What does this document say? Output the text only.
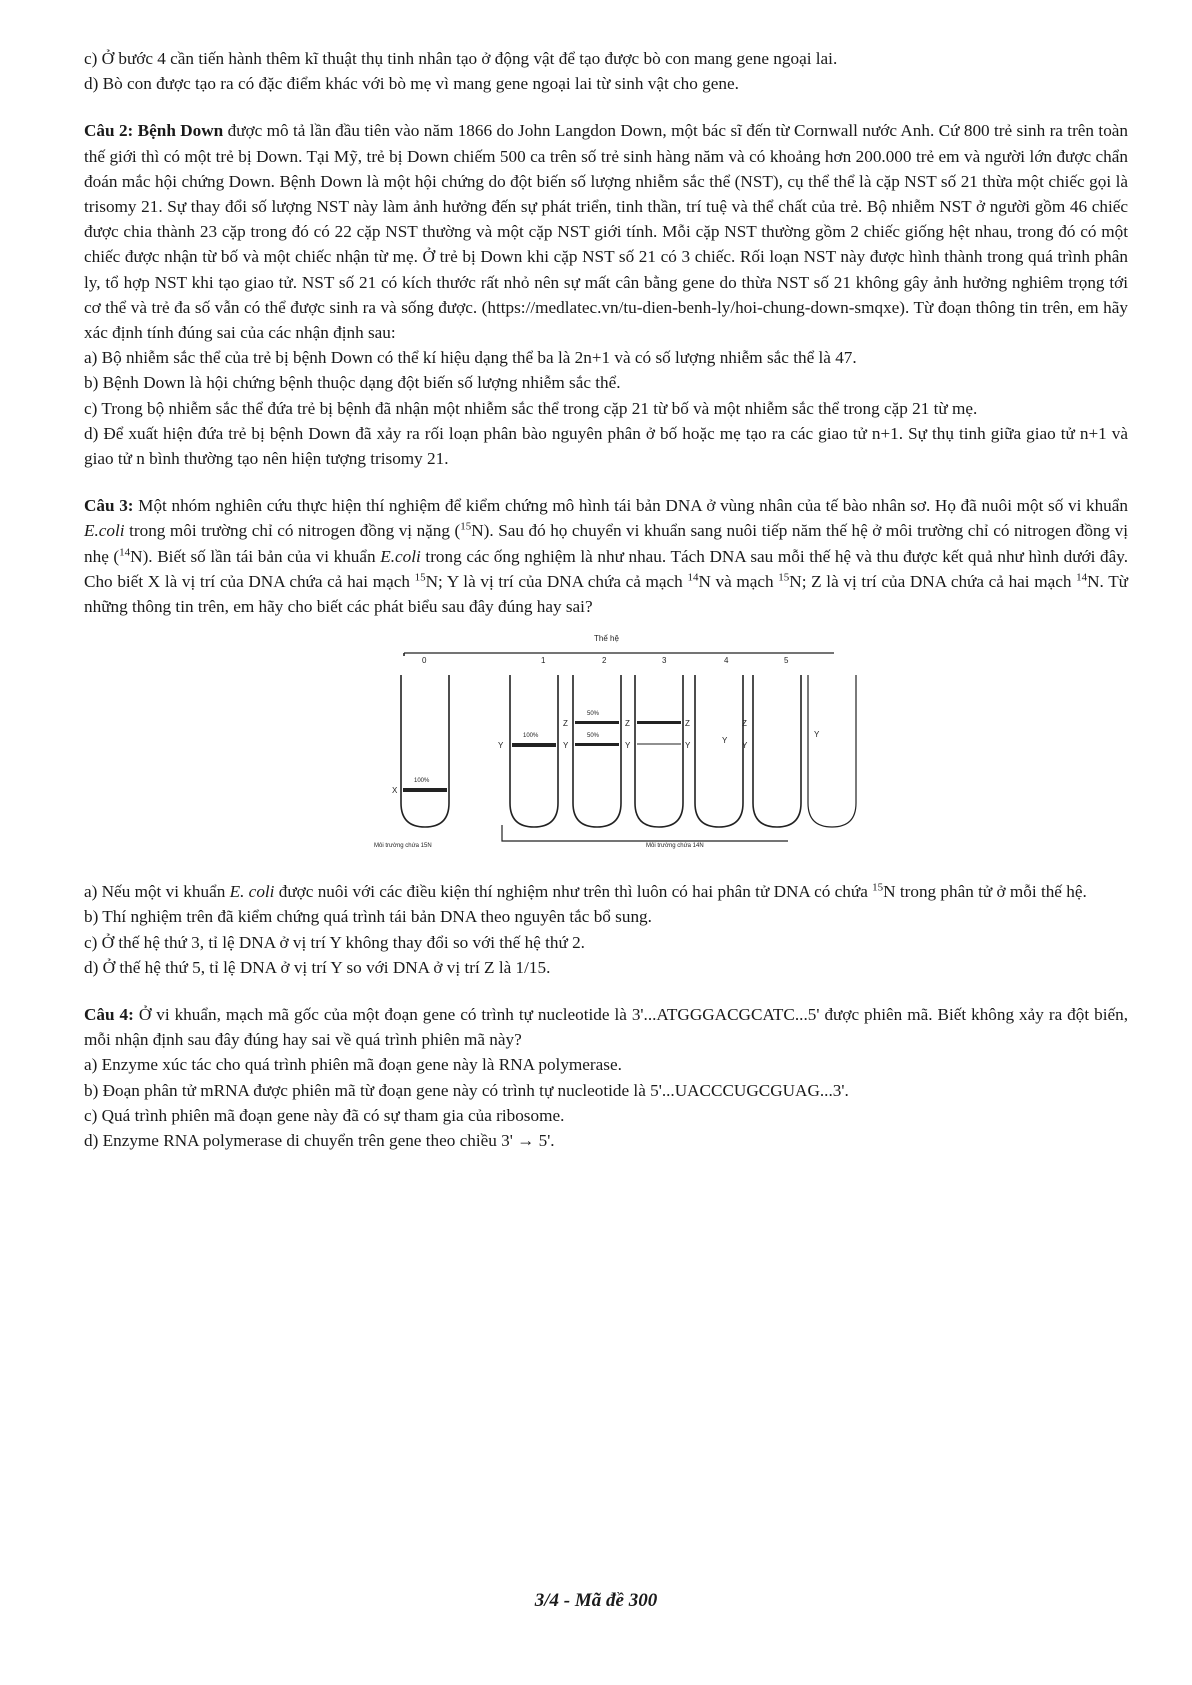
c) Ở bước 4 cần tiến hành thêm kĩ thuật thụ tinh nhân tạo ở động vật để tạo được bò con mang gene ngoại lai.

d) Bò con được tạo ra có đặc điểm khác với bò mẹ vì mang gene ngoại lai từ sinh vật cho gene.

Câu 2: Bệnh Down được mô tả lần đầu tiên vào năm 1866 do John Langdon Down, một bác sĩ đến từ Cornwall nước Anh. Cứ 800 trẻ sinh ra trên toàn thế giới thì có một trẻ bị Down. Tại Mỹ, trẻ bị Down chiếm 500 ca trên số trẻ sinh hàng năm và có khoảng hơn 200.000 trẻ em và người lớn được chẩn đoán mắc hội chứng Down. Bệnh Down là một hội chứng do đột biến số lượng nhiễm sắc thể (NST), cụ thể thể là cặp NST số 21 thừa một chiếc gọi là trisomy 21. Sự thay đổi số lượng NST này làm ảnh hưởng đến sự phát triển, tinh thần, trí tuệ và thể chất của trẻ. Bộ nhiễm NST ở người gồm 46 chiếc được chia thành 23 cặp trong đó có 22 cặp NST thường và một cặp NST giới tính. Mỗi cặp NST thường gồm 2 chiếc giống hệt nhau, trong đó có một chiếc được nhận từ bố và một chiếc nhận từ mẹ. Ở trẻ bị Down khi cặp NST số 21 có 3 chiếc. Rối loạn NST này được hình thành trong quá trình phân ly, tổ hợp NST khi tạo giao tử. NST số 21 có kích thước rất nhỏ nên sự mất cân bằng gene do thừa NST số 21 không gây ảnh hưởng nghiêm trọng tới cơ thể và trẻ đa số vẫn có thể được sinh ra và sống được. (https://medlatec.vn/tu-dien-benh-ly/hoi-chung-down-smqxe). Từ đoạn thông tin trên, em hãy xác định tính đúng sai của các nhận định sau:

a) Bộ nhiễm sắc thể của trẻ bị bệnh Down có thể kí hiệu dạng thể ba là 2n+1 và có số lượng nhiễm sắc thể là 47.

b) Bệnh Down là hội chứng bệnh thuộc dạng đột biến số lượng nhiễm sắc thể.

c) Trong bộ nhiễm sắc thể đứa trẻ bị bệnh đã nhận một nhiễm sắc thể trong cặp 21 từ bố và một nhiễm sắc thể trong cặp 21 từ mẹ.

d) Để xuất hiện đứa trẻ bị bệnh Down đã xảy ra rối loạn phân bào nguyên phân ở bố hoặc mẹ tạo ra các giao tử n+1. Sự thụ tinh giữa giao tử n+1 và giao tử n bình thường tạo nên hiện tượng trisomy 21.

Câu 3: Một nhóm nghiên cứu thực hiện thí nghiệm để kiểm chứng mô hình tái bản DNA ở vùng nhân của tế bào nhân sơ. Họ đã nuôi một số vi khuẩn E.coli trong môi trường chỉ có nitrogen đồng vị nặng ($^{15}$N). Sau đó họ chuyển vi khuẩn sang nuôi tiếp năm thế hệ ở môi trường chỉ có nitrogen đồng vị nhẹ ($^{14}$N). Biết số lần tái bản của vi khuẩn E.coli trong các ống nghiệm là như nhau. Tách DNA sau mỗi thế hệ và thu được kết quả như hình dưới đây. Cho biết X là vị trí của DNA chứa cả hai mạch $^{15}$N; Y là vị trí của DNA chứa cả mạch $^{14}$N và mạch $^{15}$N; Z là vị trí của DNA chứa cả hai mạch $^{14}$N. Từ những thông tin trên, em hãy cho biết các phát biểu sau đây đúng hay sai?

Thế hệ
0	1	2	3	4	5
100%
X
100%
Y
50%
50%
Z
Y
Z
Y
Z
Y
Y
Z
Y
Y
Môi trường chứa 15N	Môi trường chứa 14N

a) Nếu một vi khuẩn E. coli được nuôi với các điều kiện thí nghiệm như trên thì luôn có hai phân tử DNA có chứa $^{15}$N trong phân tử ở mỗi thế hệ.

b) Thí nghiệm trên đã kiểm chứng quá trình tái bản DNA theo nguyên tắc bổ sung.

c) Ở thế hệ thứ 3, tỉ lệ DNA ở vị trí Y không thay đổi so với thế hệ thứ 2.

d) Ở thế hệ thứ 5, tỉ lệ DNA ở vị trí Y so với DNA ở vị trí Z là 1/15.

Câu 4: Ở vi khuẩn, mạch mã gốc của một đoạn gene có trình tự nucleotide là 3'...ATGGGACGCATC...5' được phiên mã. Biết không xảy ra đột biến, mỗi nhận định sau đây đúng hay sai về quá trình phiên mã này?

a) Enzyme xúc tác cho quá trình phiên mã đoạn gene này là RNA polymerase.

b) Đoạn phân tử mRNA được phiên mã từ đoạn gene này có trình tự nucleotide là 5'...UACCCUGCGUAG...3'.

c) Quá trình phiên mã đoạn gene này đã có sự tham gia của ribosome.

d) Enzyme RNA polymerase di chuyển trên gene theo chiều 3' → 5'.

3/4 - Mã đề 300
